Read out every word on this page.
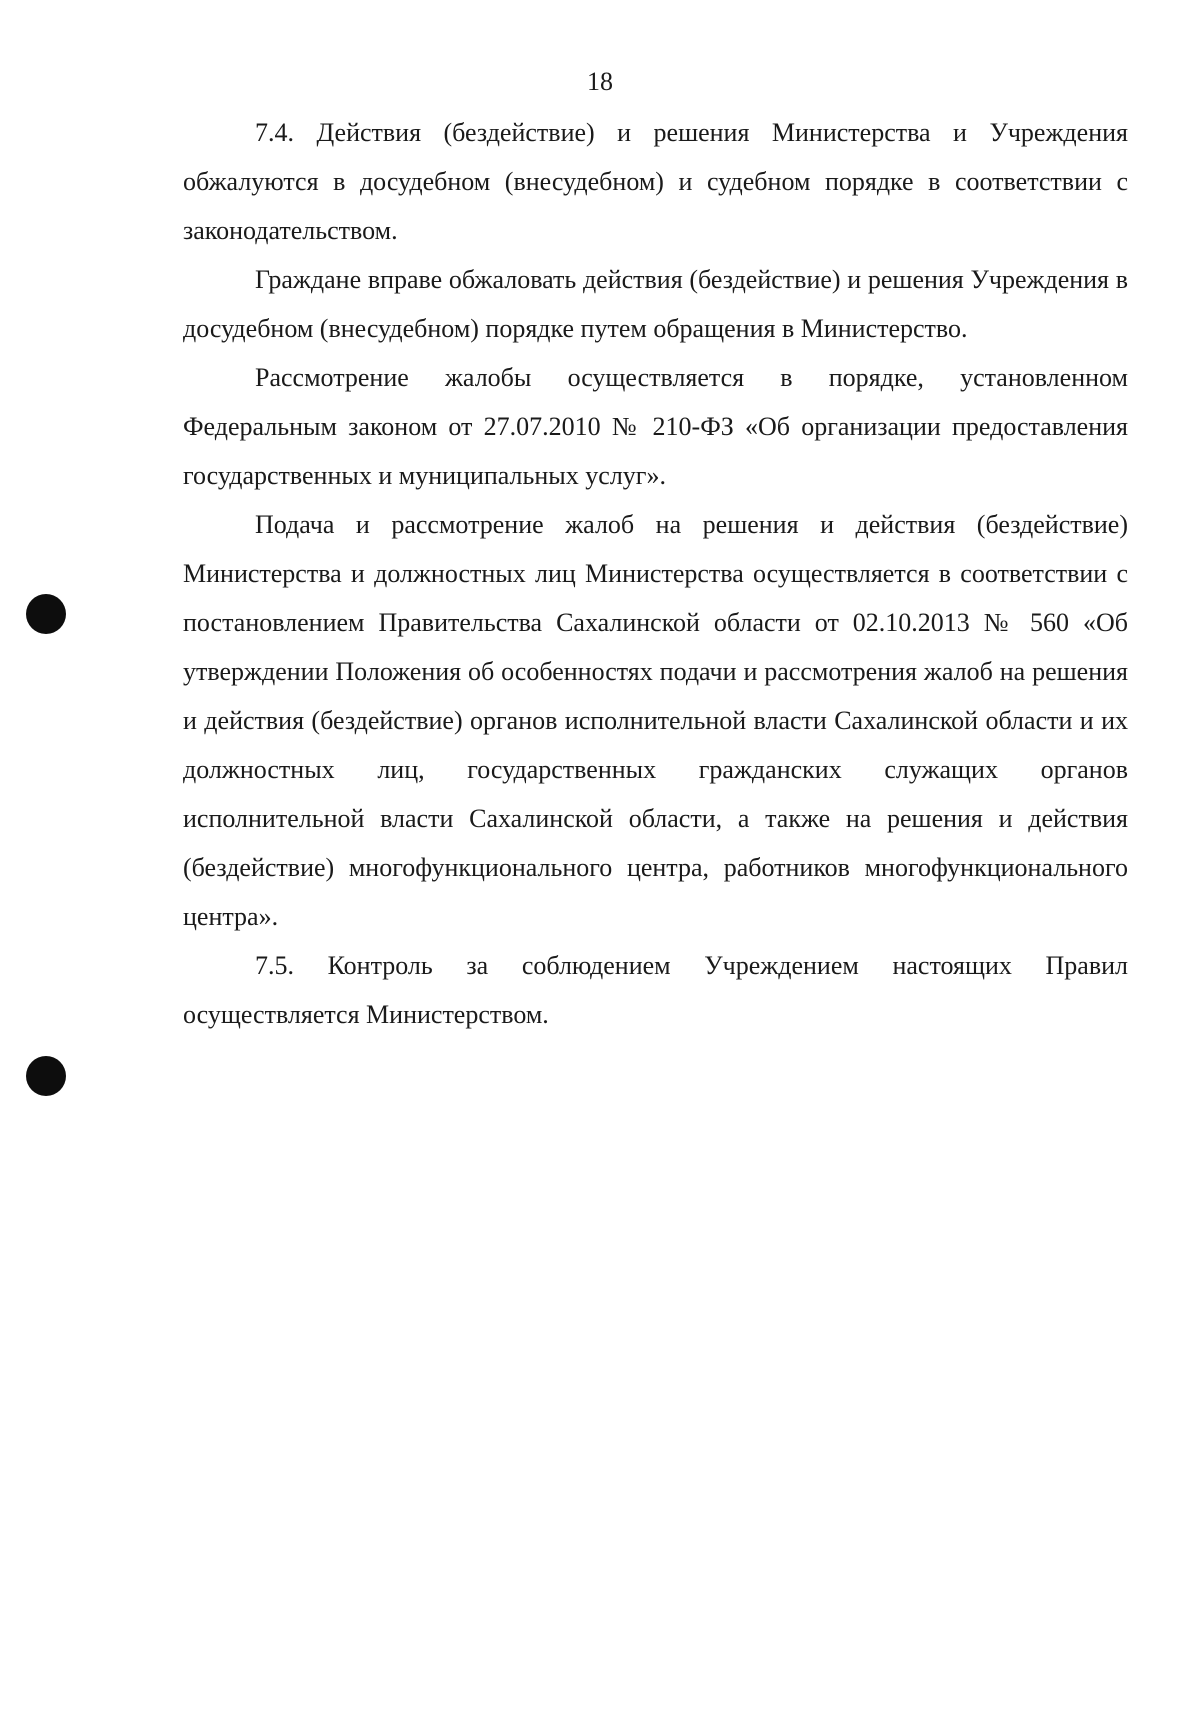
18

7.4. Действия (бездействие) и решения Министерства и Учреждения обжалуются в досудебном (внесудебном) и судебном порядке в соответствии с законодательством.

Граждане вправе обжаловать действия (бездействие) и решения Учреждения в досудебном (внесудебном) порядке путем обращения в Министерство.

Рассмотрение жалобы осуществляется в порядке, установленном Федеральным законом от 27.07.2010 № 210-ФЗ «Об организации предоставления государственных и муниципальных услуг».

Подача и рассмотрение жалоб на решения и действия (бездействие) Министерства и должностных лиц Министерства осуществляется в соответствии с постановлением Правительства Сахалинской области от 02.10.2013 № 560 «Об утверждении Положения об особенностях подачи и рассмотрения жалоб на решения и действия (бездействие) органов исполнительной власти Сахалинской области и их должностных лиц, государственных гражданских служащих органов исполнительной власти Сахалинской области, а также на решения и действия (бездействие) многофункционального центра, работников многофункционального центра».

7.5. Контроль за соблюдением Учреждением настоящих Правил осуществляется Министерством.
